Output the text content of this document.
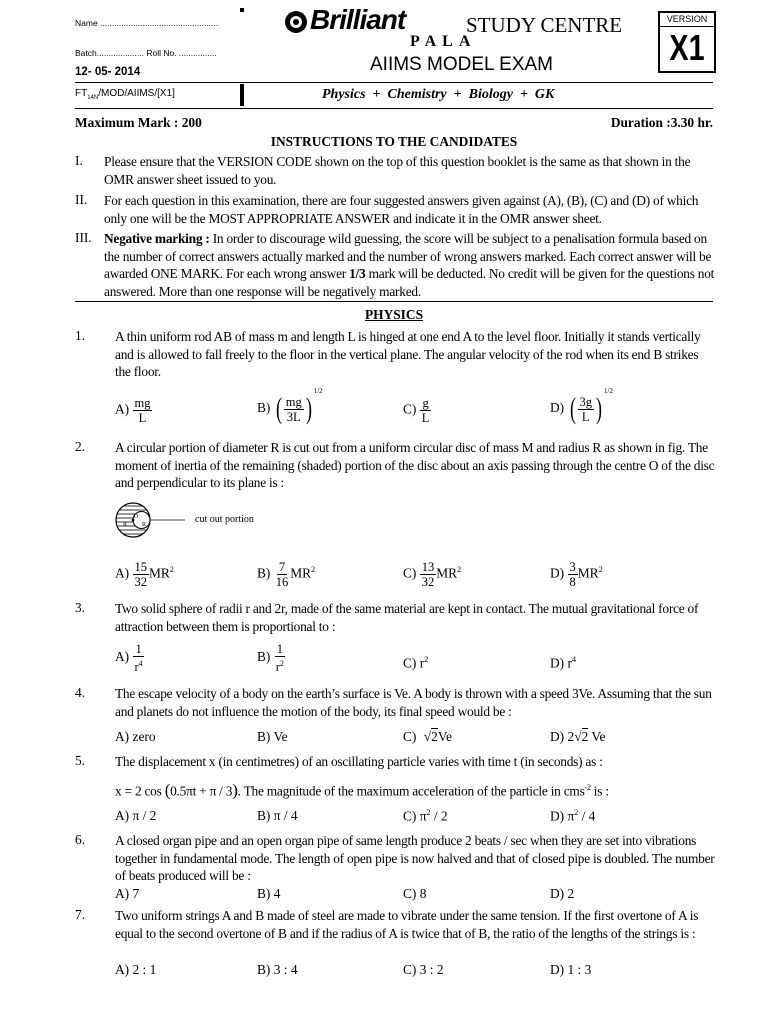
Name ..................................................
Batch.................... Roll No. ................
12- 05- 2014
$FT_{14N}/MOD/AIIMS/[X1]$
Brilliant	STUDY CENTRE
PALA
AIIMS MODEL EXAM
Physics  +  Chemistry  +  Biology  +  GK
VERSION
X1
Maximum Mark : 200	Duration :3.30 hr.
INSTRUCTIONS TO THE CANDIDATES
I. Please ensure that the VERSION CODE shown on the top of this question booklet is the same as that shown in the OMR answer sheet issued to you.
II. For each question in this examination, there are four suggested answers given against (A), (B), (C) and (D) of which only one will be the MOST APPROPRIATE ANSWER and indicate it in the OMR answer sheet.
III. Negative marking : In order to discourage wild guessing, the score will be subject to a penalisation formula based on the number of correct answers actually marked and the number of wrong answers marked. Each correct answer will be awarded ONE MARK. For each wrong answer 1/3 mark will be deducted. No credit will be given for the questions not answered. More than one response will be negatively marked.
PHYSICS
1. A thin uniform rod AB of mass m and length L is hinged at one end A to the level floor. Initially it stands vertically and is allowed to fall freely to the floor in the vertical plane. The angular velocity of the rod when its end B strikes the floor.
$A) \frac{mg}{L}$	B) ( $\frac{mg}{3L} )^{1/2}$
$C) \frac{g}{L}$	D) ( $\frac{3g}{L} )^{1/2}$
2. A circular portion of diameter R is cut out from a uniform circular disc of mass M and radius R as shown in fig. The moment of inertia of the remaining (shaded) portion of the disc about an axis passing through the centre O of the disc and perpendicular to its plane is :
R
O
R	cut out portion
$A) \frac{15}{32} MR^2$	$B) \frac{7}{16} MR^2$	$C) \frac{13}{32} MR^2$	$D) \frac{3}{8} MR^2$
3. Two solid sphere of radii r and 2r, made of the same material are kept in contact. The mutual gravitational force of attraction between them is proportional to :
$A) \frac{1}{r^4}$	$B) \frac{1}{r^2}$	C) $r^2$	D) $r^4$
4. The escape velocity of a body on the earth’s surface is Ve. A body is thrown with a speed 3Ve. Assuming that the sun and planets do not influence the motion of the body, its final speed would be :
A) zero	B) Ve	C) √2Ve	D) 2√2 Ve
5. The displacement x (in centimetres) of an oscillating particle varies with time t (in seconds) as :
x = 2 cos (0.5πt + π / 3). The magnitude of the maximum acceleration of the particle in cms$^{-2}$ is :
A) π / 2	B) π / 4	C) $\pi^2 / 2$	D) $\pi^2 / 4$
6. A closed organ pipe and an open organ pipe of same length produce 2 beats / sec when they are set into vibrations together in fundamental mode. The length of open pipe is now halved and that of closed pipe is doubled. The number of beats produced will be :
A) 7	B) 4	C) 8	D) 2
7. Two uniform strings A and B made of steel are made to vibrate under the same tension. If the first overtone of A is equal to the second overtone of B and if the radius of A is twice that of B, the ratio of the lengths of the strings is :
A) 2 : 1	B) 3 : 4	C) 3 : 2	D) 1 : 3
